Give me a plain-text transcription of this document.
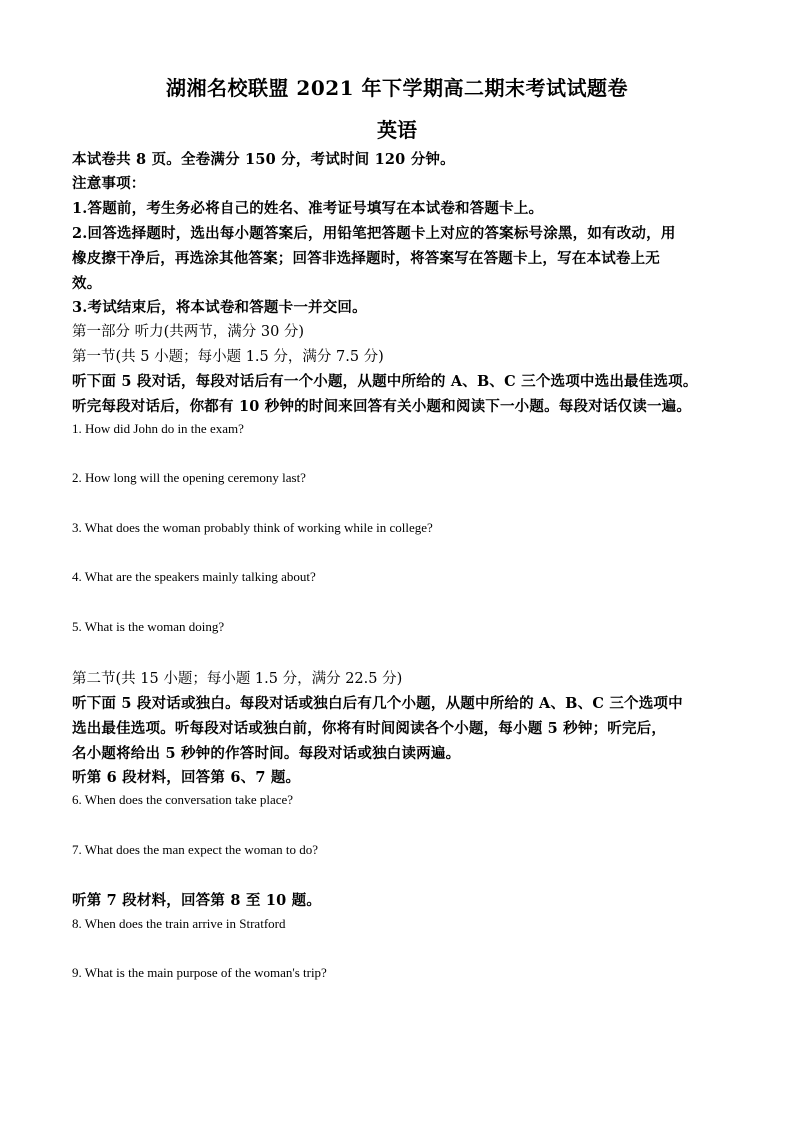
湖湘名校联盟 2021 年下学期高二期末考试试题卷
英语
本试卷共 8 页。全卷满分 150 分，考试时间 120 分钟。
注意事项：
1.答题前，考生务必将自己的姓名、准考证号填写在本试卷和答题卡上。
2.回答选择题时，选出每小题答案后，用铅笔把答题卡上对应的答案标号涂黑，如有改动，用
橡皮擦干净后，再选涂其他答案；回答非选择题时，将答案写在答题卡上，写在本试卷上无
效。
3.考试结束后，将本试卷和答题卡一并交回。
第一部分 听力(共两节，满分 30 分)
第一节(共 5 小题；每小题 1.5 分，满分 7.5 分)
听下面 5 段对话，每段对话后有一个小题，从题中所给的 A、B、C 三个选项中选出最佳选项。
听完每段对话后，你都有 10 秒钟的时间来回答有关小题和阅读下一小题。每段对话仅读一遍。
1. How did John do in the exam?
2. How long will the opening ceremony last?
3. What does the woman probably think of working while in college?
4. What are the speakers mainly talking about?
5. What is the woman doing?
第二节(共 15 小题；每小题 1.5 分，满分 22.5 分)
听下面 5 段对话或独白。每段对话或独白后有几个小题，从题中所给的 A、B、C 三个选项中
选出最佳选项。听每段对话或独白前，你将有时间阅读各个小题，每小题 5 秒钟；听完后，
名小题将给出 5 秒钟的作答时间。每段对话或独白读两遍。
听第 6 段材料，回答第 6、7 题。
6. When does the conversation take place?
7. What does the man expect the woman to do?
听第 7 段材料，回答第 8 至 10 题。
8. When does the train arrive in Stratford
9. What is the main purpose of the woman's trip?
